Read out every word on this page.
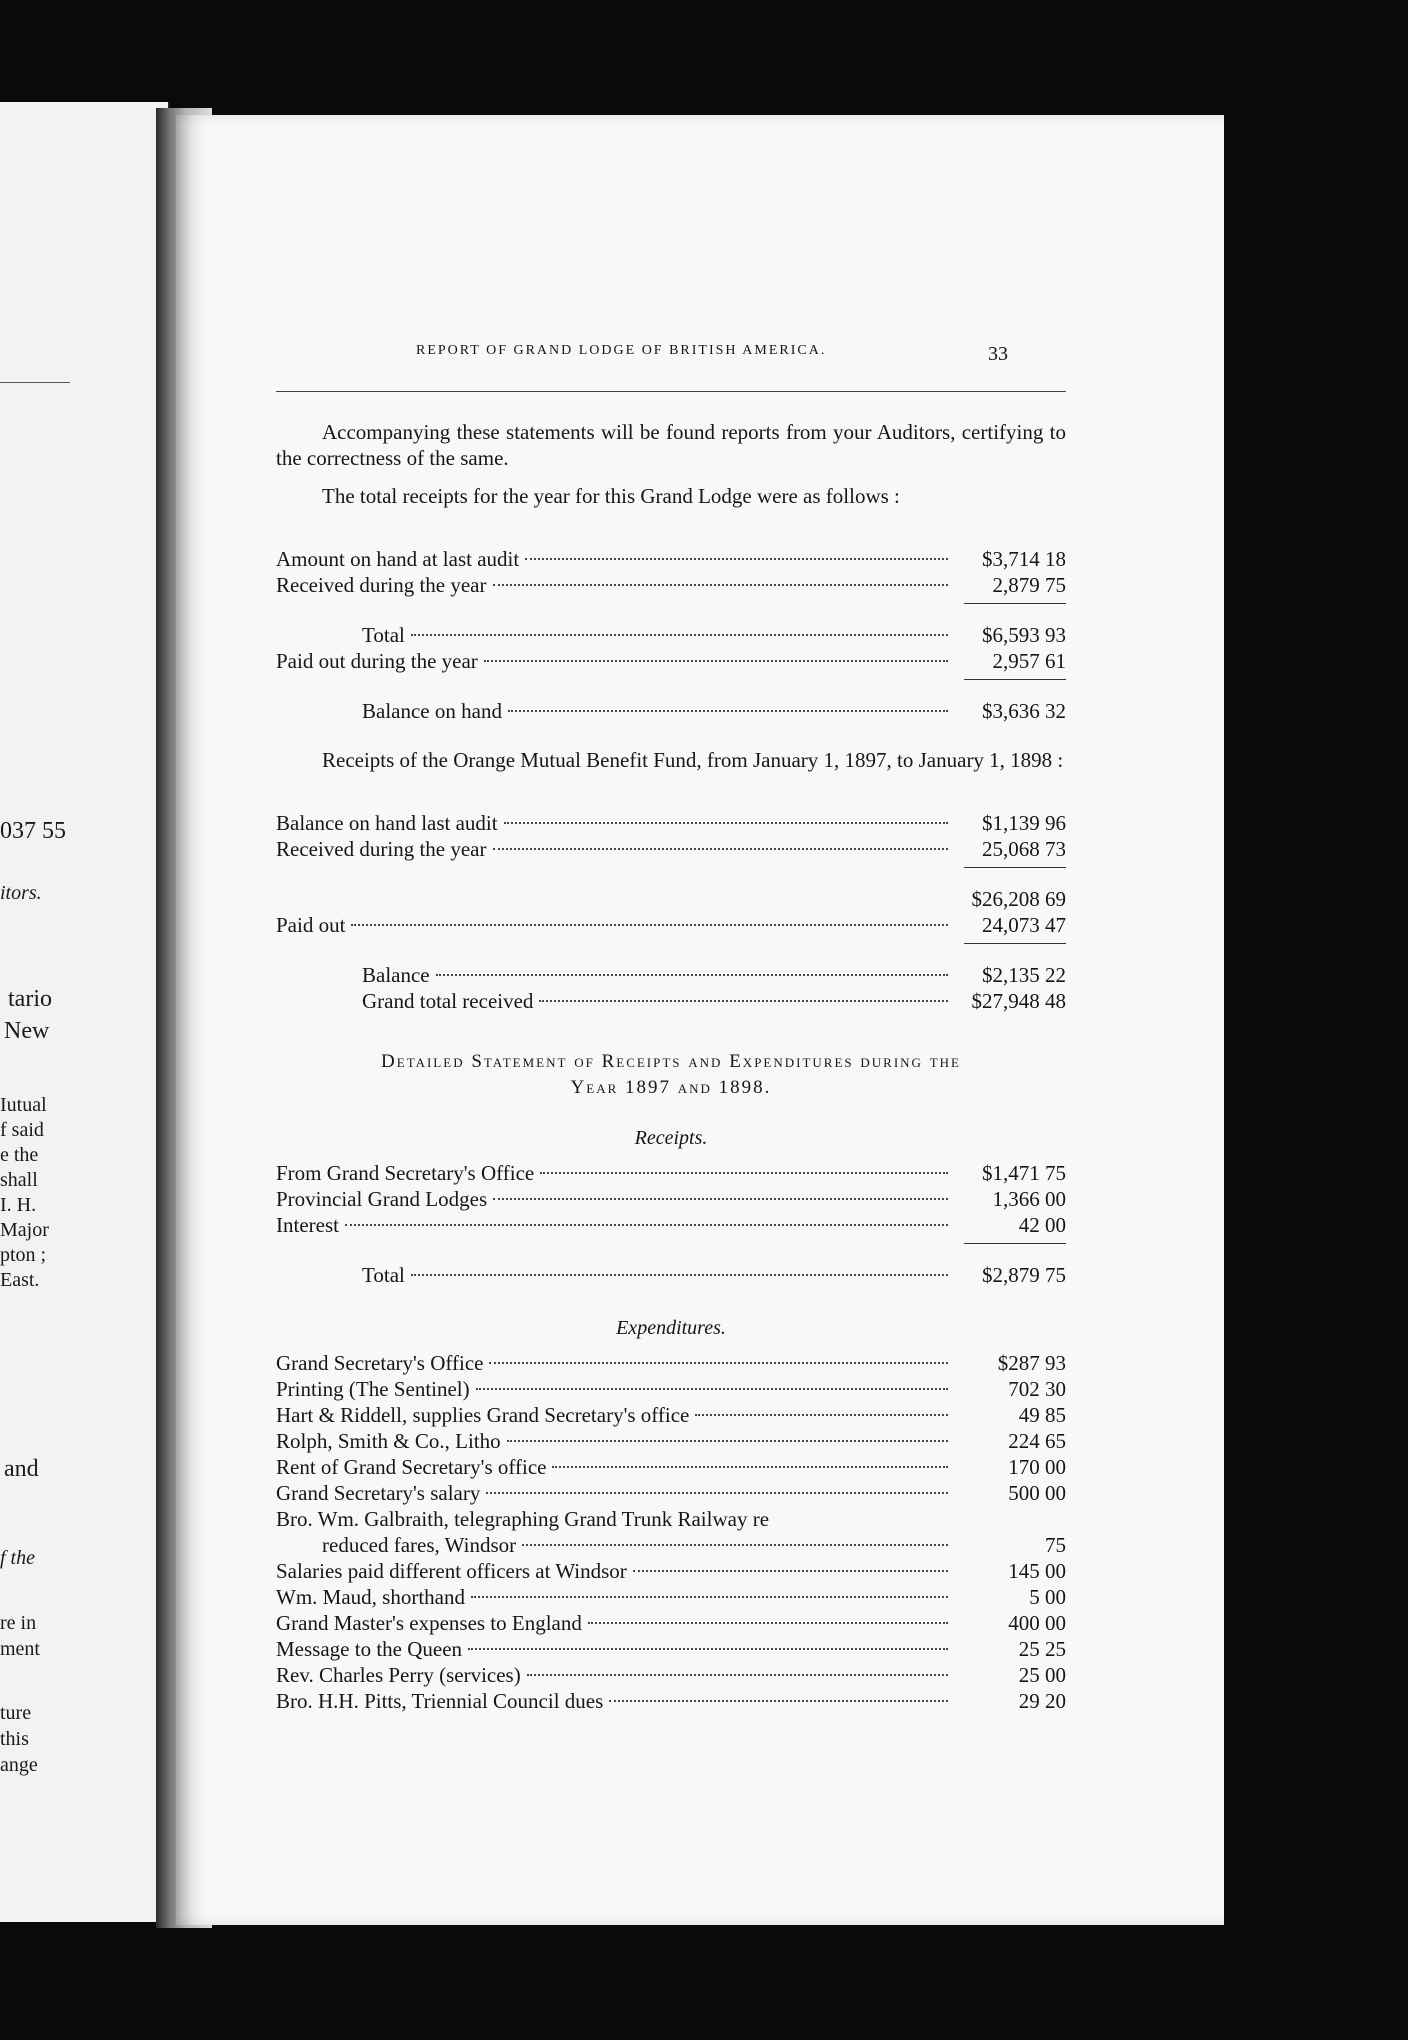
037 55
itors.
tario
New
Iutual
f said
e the
shall
I. H.
Major
pton ;
East.
and
f the
re in
ment
ture
this
ange
REPORT OF GRAND LODGE OF BRITISH AMERICA.	33
Accompanying these statements will be found reports from your Auditors, certifying to the correctness of the same.
The total receipts for the year for this Grand Lodge were as follows :
Amount on hand at last audit	$3,714 18
Received during the year	2,879 75
Total	$6,593 93
Paid out during the year	2,957 61
Balance on hand	$3,636 32
Receipts of the Orange Mutual Benefit Fund, from January 1, 1897, to January 1, 1898 :
Balance on hand last audit	$1,139 96
Received during the year	25,068 73
$26,208 69
Paid out	24,073 47
Balance	$2,135 22
Grand total received	$27,948 48
Detailed Statement of Receipts and Expenditures during the
Year 1897 and 1898.
Receipts.
From Grand Secretary's Office	$1,471 75
Provincial Grand Lodges	1,366 00
Interest	42 00
Total	$2,879 75
Expenditures.
Grand Secretary's Office	$287 93
Printing (The Sentinel)	702 30
Hart & Riddell, supplies Grand Secretary's office	49 85
Rolph, Smith & Co., Litho	224 65
Rent of Grand Secretary's office	170 00
Grand Secretary's salary	500 00
Bro. Wm. Galbraith, telegraphing Grand Trunk Railway re
reduced fares, Windsor	75
Salaries paid different officers at Windsor	145 00
Wm. Maud, shorthand	5 00
Grand Master's expenses to England	400 00
Message to the Queen	25 25
Rev. Charles Perry (services)	25 00
Bro. H.H. Pitts, Triennial Council dues	29 20
